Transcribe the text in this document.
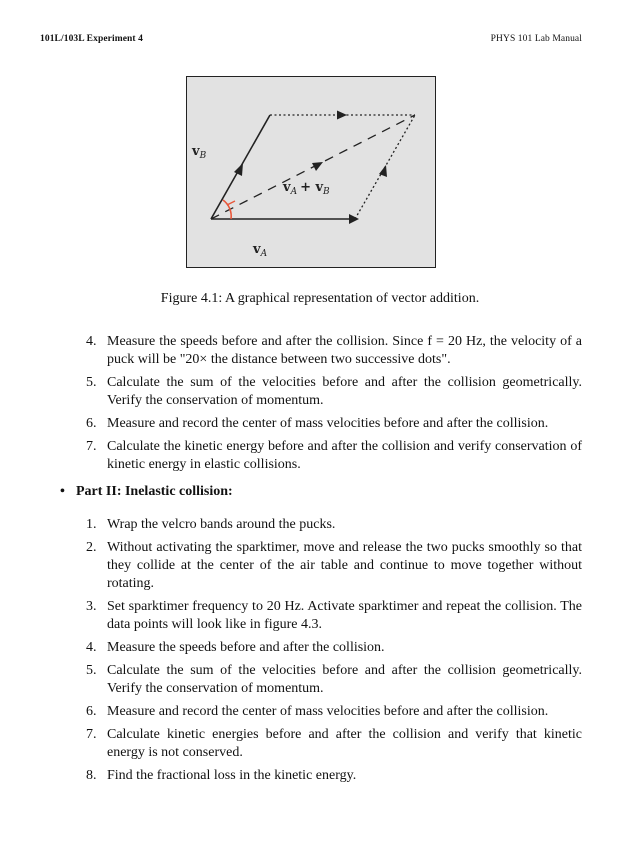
101L/103L Experiment 4	PHYS 101 Lab Manual
vB
vA + vB
vA
Figure 4.1: A graphical representation of vector addition.
4. Measure the speeds before and after the collision. Since f = 20 Hz, the velocity of a puck will be "20× the distance between two successive dots".
5. Calculate the sum of the velocities before and after the collision geometrically. Verify the conservation of momentum.
6. Measure and record the center of mass velocities before and after the collision.
7. Calculate the kinetic energy before and after the collision and verify conservation of kinetic energy in elastic collisions.
• Part II: Inelastic collision:
1. Wrap the velcro bands around the pucks.
2. Without activating the sparktimer, move and release the two pucks smoothly so that they collide at the center of the air table and continue to move together without rotating.
3. Set sparktimer frequency to 20 Hz. Activate sparktimer and repeat the collision. The data points will look like in figure 4.3.
4. Measure the speeds before and after the collision.
5. Calculate the sum of the velocities before and after the collision geometrically. Verify the conservation of momentum.
6. Measure and record the center of mass velocities before and after the collision.
7. Calculate kinetic energies before and after the collision and verify that kinetic energy is not conserved.
8. Find the fractional loss in the kinetic energy.
